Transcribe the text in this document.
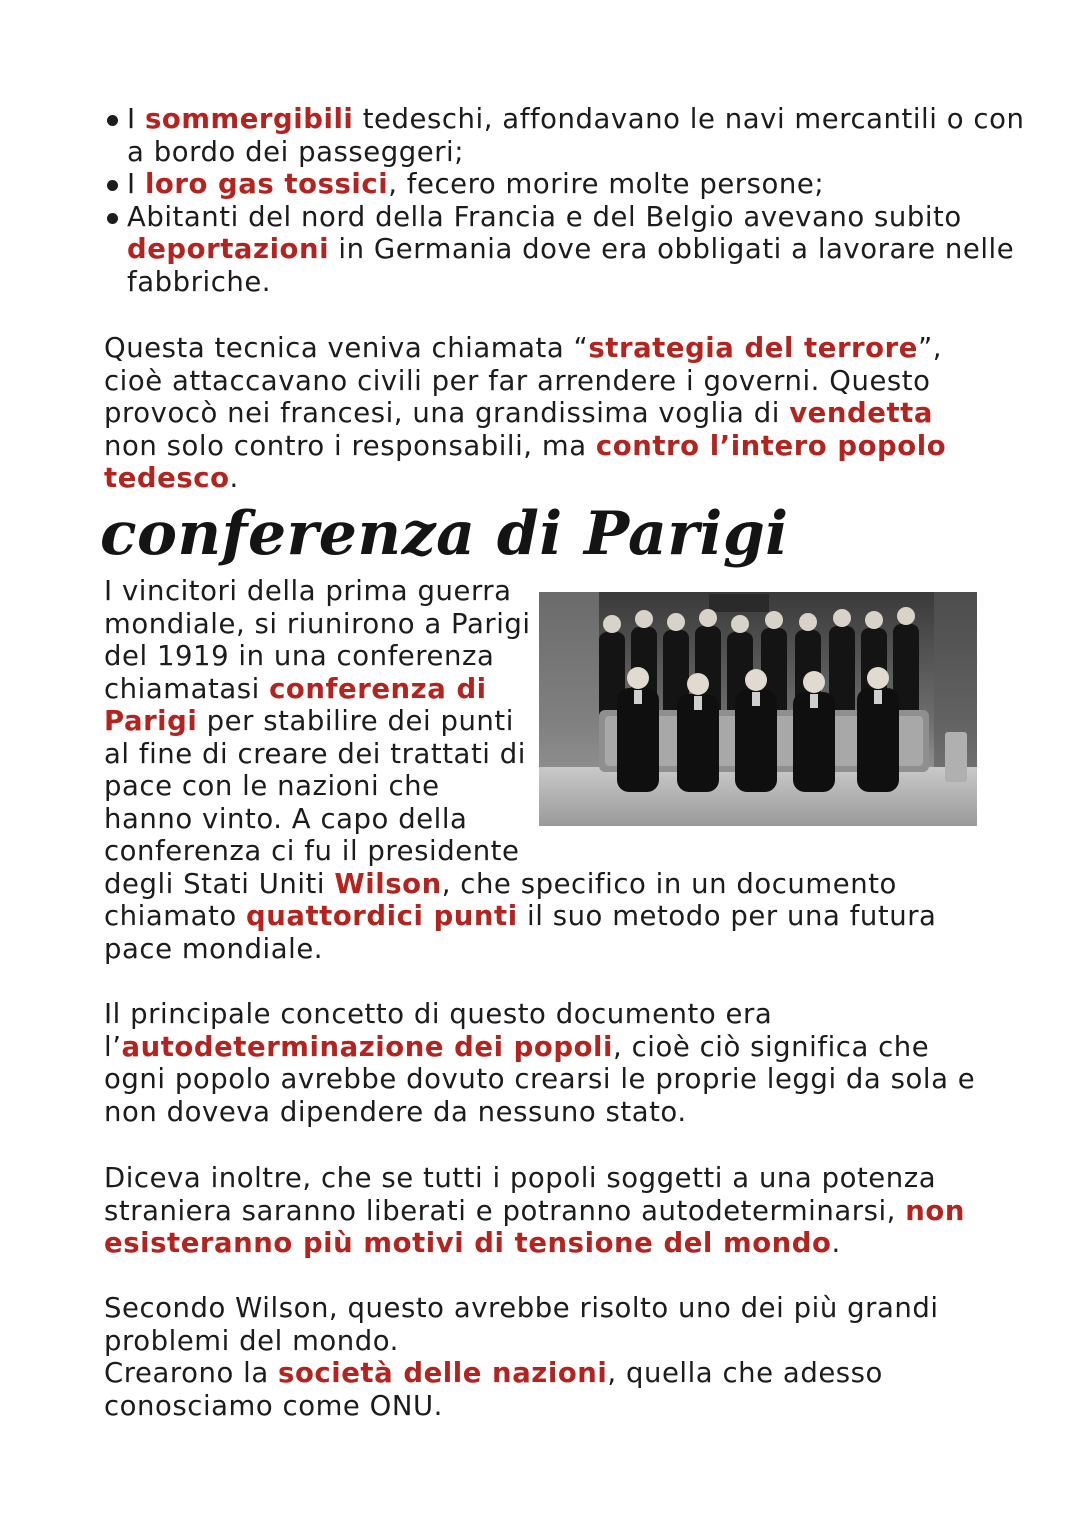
I sommergibili tedeschi, affondavano le navi mercantili o con a bordo dei passeggeri;
I loro gas tossici, fecero morire molte persone;
Abitanti del nord della Francia e del Belgio avevano subito deportazioni in Germania dove era obbligati a lavorare nelle fabbriche.

Questa tecnica veniva chiamata “strategia del terrore”, cioè attaccavano civili per far arrendere i governi. Questo provocò nei francesi, una grandissima voglia di vendetta non solo contro i responsabili, ma contro l’intero popolo tedesco.

conferenza di Parigi

I vincitori della prima guerra mondiale, si riunirono a Parigi del 1919 in una conferenza chiamatasi conferenza di Parigi per stabilire dei punti al fine di creare dei trattati di pace con le nazioni che hanno vinto. A capo della conferenza ci fu il presidente degli Stati Uniti Wilson, che specifico in un documento chiamato quattordici punti il suo metodo per una futura pace mondiale.

Il principale concetto di questo documento era l’autodeterminazione dei popoli, cioè ciò significa che ogni popolo avrebbe dovuto crearsi le proprie leggi da sola e non doveva dipendere da nessuno stato.

Diceva inoltre, che se tutti i popoli soggetti a una potenza straniera saranno liberati e potranno autodeterminarsi, non esisteranno più motivi di tensione del mondo.

Secondo Wilson, questo avrebbe risolto uno dei più grandi problemi del mondo.
Crearono la società delle nazioni, quella che adesso conosciamo come ONU.
